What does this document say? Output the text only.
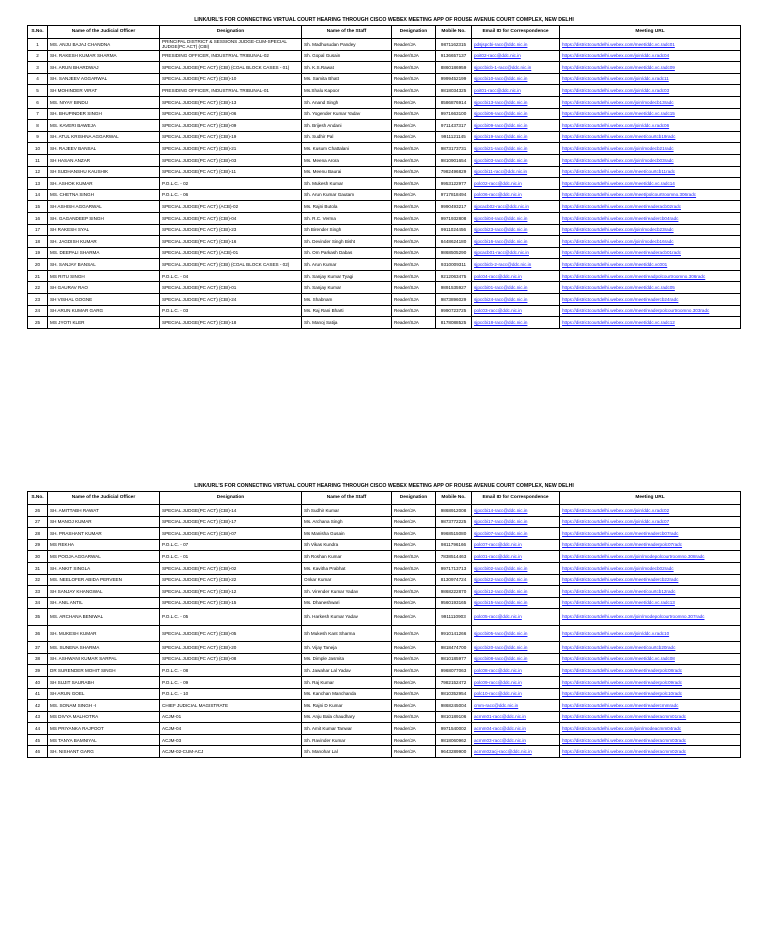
LINK/URL'S FOR CONNECTING VIRTUAL COURT HEARING THROUGH CISCO WEBEX MEETING APP OF ROUSE AVENUE COURT COMPLEX, NEW DELHI
S.No.	Name of the Judicial Officer	Designation	Name of the Staff	Designation	Mobile No.	Email ID for Correspondence	Meeting URL
1	MS. ANJU BAJAJ CHANDNA	PRINCIPAL DISTRICT & SESSIONS JUDGE-CUM-SPECIAL JUDGE(PC ACT) (CBI)	Sh. Madhusudan Pandey	Reader/JA	9871162315	pdsjspcbi-racc@ddc.nic.in	https://districtcourtdelhi.webex.com/meet/ddc.vc.radc01
2	SH. RAKESH KUMAR SHARMA	PRESIDING OFFICER, INDUSTRIAL TRIBUNAL-02	Sh. Gopal Gusain	Reader/SJA	9136657137	poit02-racc@ddc.nic.in	https://districtcourtdelhi.webex.com/join/ddc.v.radc04
3	SH. ARUN BHARDWAJ	SPECIAL JUDGE(PC ACT) (CBI) (COAL BLOCK CASES - 01)	Sh. K.S.Rawat	Reader/SJA	8860186959	sjpccbicb-1-racc@ddc.nic.in	https://districtcourtdelhi.webex.com/meet/ddc.vc.radc09
4	SH. SANJEEV AGGARWAL	SPECIAL JUDGE(PC ACT) (CBI)-10	Ms. Samita Bhatt	Reader/SJA	9999452199	sjpccbi10-racc@ddc.nic.in	https://districtcourtdelhi.webex.com/join/ddc.v.radc11
5	SH MOHINDER VIRAT	PRESIDING OFFICER, INDUSTRIAL TRIBUNAL-01	Ms.Shalu Kapoor	Reader/SJA	9818034325	poit01-racc@ddc.nic.in	https://districtcourtdelhi.webex.com/join/ddc.v.radc03
6	MS. NIYAY BINDU	SPECIAL JUDGE(PC ACT) (CBI)-13	Sh. Anand Singh	Reader/JA	8586876914	sjpccbi13-racc@ddc.nic.in	https://districtcourtdelhi.webex.com/join/modecb13radc
7	SH. BHUPINDER SINGH	SPECIAL JUDGE(PC ACT) (CBI)-06	Sh. Yogender Kumar Yadav	Reader/SJA	9971663100	sjpccbi06-racc@ddc.nic.in	https://districtcourtdelhi.webex.com/meet/ddc.vc.radc15
8	MS. KAVERI BAWEJA	SPECIAL JUDGE(PC ACT) (CBI)-09	Sh. Brijesh Andani	Reader/JA	9711437317	sjpccbi09-racc@ddc.nic.in	https://districtcourtdelhi.webex.com/join/ddc.v.radc06
9	SH. ATUL KRISHNA AGGARWAL	SPECIAL JUDGE(PC ACT) (CBI)-19	Sh. Sudhir Pal	Reader/JA	9911121145	sjpccbi19-racc@ddc.nic.in	https://districtcourtdelhi.webex.com/meet/courtcb19radc
10	SH. RAJEEV BANSAL	SPECIAL JUDGE(PC ACT) (CBI)-21	Ms. Kusum Chattalani	Reader/SJA	9873173731	sjpccbi21-racc@ddc.nic.in	https://districtcourtdelhi.webex.com/join/modecb21radc
11	SH HASAN ANZAR	SPECIAL JUDGE(PC ACT) (CBI)-03	Ms. Meena Arora	Reader/SJA	9810901654	sjpccbi03-racc@ddc.nic.in	https://districtcourtdelhi.webex.com/join/modecb03radc
12	SH SUDHANSHU KAUSHIK	SPECIAL JUDGE(PC ACT) (CBI)-11	Ms. Meenu Baurai	Reader/SJA	7982496829	sjpccbi11-racc@ddc.nic.in	https://districtcourtdelhi.webex.com/meet/courtcb11radc
13	SH. ASHOK KUMAR	P.O.L.C. - 02	Sh. Mukesh Kumar	Reader/SJA	9953122977	polc02-racc@ddc.nic.in	https://districtcourtdelhi.webex.com/meet/ddc.vc.radc14
14	MS. CHETNA SINGH	P.O.L.C. - 06	Sh. Arun Kumar Gautam	Reader/JA	9717818494	polc06-racc@ddc.nic.in	https://districtcourtdelhi.webex.com/meet/polcourtroomno.306radc
15	SH ASHISH AGGARWAL	SPECIAL JUDGE(PC ACT) (ACB)-02	Ms. Rajni Butola	Reader/SJA	9990493217	sjpcacb02-racc@ddc.nic.in	https://districtcourtdelhi.webex.com/meet/readeracb02radc
16	SH. GAGANDEEP SINGH	SPECIAL JUDGE(PC ACT) (CBI)-04	Sh. R.C. Verma	Reader/SJA	9971932808	sjpccbi04-racc@ddc.nic.in	https://districtcourtdelhi.webex.com/meet/readercb04radc
17	SH RAKESH SYAL	SPECIAL JUDGE(PC ACT) (CBI)-23	Sh Birender Singh	Reader/SJA	9911024456	sjpccbi23-racc@ddc.nic.in	https://districtcourtdelhi.webex.com/join/modecb23radc
18	SH. JAGDISH KUMAR	SPECIAL JUDGE(PC ACT) (CBI)-16	Sh. Devinder Singh Bisht	Reader/SJA	8448624180	sjpccbi16-racc@ddc.nic.in	https://districtcourtdelhi.webex.com/join/modecb16radc
19	MS. DEEPALI SHARMA	SPECIAL JUDGE(PC ACT) (ACB)-01	Sh. Om Parkash Dabas	Reader/SJA	9868505290	sjpcacb01-racc@ddc.nic.in	https://districtcourtdelhi.webex.com/meet/readeracb01radc
20	SH. SANJAY BANSAL	SPECIAL JUDGE(PC ACT) (CBI) (COAL BLOCK CASES - 02)	Sh. Arun Kumar	Reader/SJA	9310009311	sjpccbicb-2-racc@ddc.nic.in	https://districtcourtdelhi.webex.com/meet/ddc.vc001
21	MS RITU SINGH	P.O.L.C. - 04	Sh. Sanjay Kumar Tyagi	Reader/SJA	9212063475	polc04-racc@ddc.nic.in	https://districtcourtdelhi.webex.com/meet/readpolcourtroomno.306radc
22	SH GAURAV RAO	SPECIAL JUDGE(PC ACT) (CBI)-01	Sh. Sanjay Kumar	Reader/SJA	9891535927	sjpccbi01-racc@ddc.nic.in	https://districtcourtdelhi.webex.com/meet/ddc.vc.radc05
23	SH VISHAL GOGNE	SPECIAL JUDGE(PC ACT) (CBI)-24	Ms. Shabnam	Reader/SJA	9873896029	sjpccbi24-racc@ddc.nic.in	https://districtcourtdelhi.webex.com/meet/readercb24radc
24	SH ARUN KUMAR GARG	P.O.L.C. - 03	Ms. Raj Rani Bharti	Reader/SJA	9990723725	polc03-racc@ddc.nic.in	https://districtcourtdelhi.webex.com/meet/readerpolcourtroomno.303radc
25	MS JYOTI KLER	SPECIAL JUDGE(PC ACT) (CBI)-18	Sh. Manoj Satija	Reader/SJA	8178088525	sjpccbi18-racc@ddc.nic.in	https://districtcourtdelhi.webex.com/meet/ddc.vc.radc12
LINK/URL'S FOR CONNECTING VIRTUAL COURT HEARING THROUGH CISCO WEBEX MEETING APP OF ROUSE AVENUE COURT COMPLEX, NEW DELHI
S.No.	Name of the Judicial Officer	Designation	Name of the Staff	Designation	Mobile No.	Email ID for Correspondence	Meeting URL
26	SH. AMITTABH RAWAT	SPECIAL JUDGE(PC ACT) (CBI)-14	Sh Sudhir Kumar	Reader/JA	9868912008	sjpccbi14-racc@ddc.nic.in	https://districtcourtdelhi.webex.com/join/ddc.v.radc02
27	SH MANOJ KUMAR	SPECIAL JUDGE(PC ACT) (CBI)-17	Ms. Archana Singh	Reader/JA	9873772225	sjpccbi17-racc@ddc.nic.in	https://districtcourtdelhi.webex.com/join/ddc.v.radc07
28	SH. PRASHANT KUMAR	SPECIAL JUDGE(PC ACT) (CBI)-07	Ms Manisha Gusain	Reader/JA	9968515080	sjpccbi07-racc@ddc.nic.in	https://districtcourtdelhi.webex.com/meet/readercb07radc
29	MS REKHA	P.O.L.C. - 07	Sh Vikas Kundra	Reader/JA	9811796166	polc07-racc@ddc.nic.in	https://districtcourtdelhi.webex.com/meet/readerpolc07radc
30	MS POOJA AGGARWAL	P.O.L.C. - 01	Sh Roshan Kumar	Reader/SJA	7838514463	polc01-racc@ddc.nic.in	https://districtcourtdelhi.webex.com/join/modepolcourtroomno.308radc
31	SH. ANKIT SINGLA	SPECIAL JUDGE(PC ACT) (CBI)-02	Ms. Kavitha Prabhat	Reader/SJA	9971713713	sjpccbi02-racc@ddc.nic.in	https://districtcourtdelhi.webex.com/join/modecb02radc
32	MS. NEELOFER ABIDA PERVEEN	SPECIAL JUDGE(PC ACT) (CBI)-22	Onkar Kumar	Reader/JA	8130974724	sjpccbi22-racc@ddc.nic.in	https://districtcourtdelhi.webex.com/meet/readercb22radc
33	SH SANJAY KHANGWAL	SPECIAL JUDGE(PC ACT) (CBI)-12	Sh. Virender Kumar Yadav	Reader/SJA	9868222870	sjpccbi12-racc@ddc.nic.in	https://districtcourtdelhi.webex.com/meet/courtcb12radc
34	SH. ANIL ANTIL	SPECIAL JUDGE(PC ACT) (CBI)-15	Ms. Dhaneshwari	Reader/JA	9560193165	sjpccbi15-racc@ddc.nic.in	https://districtcourtdelhi.webex.com/meet/ddc.vc.radc13
35	MS. ARCHANA BENIWAL	P.O.L.C. - 05	Sh. Harkesh Kumar Yadav	Reader/JA	9911110903	polc05-racc@ddc.nic.in	https://districtcourtdelhi.webex.com/join/modepolcourtroomno.307radc
36	SH. MUKESH KUMAR	SPECIAL JUDGE(PC ACT) (CBI)-05	Sh Mukesh Kant Sharma	Reader/SJA	9910141266	sjpccbi05-racc@ddc.nic.in	https://districtcourtdelhi.webex.com/join/ddc.v.radc10
37	MS. SUNENA SHARMA	SPECIAL JUDGE(PC ACT) (CBI)-20	Sh. Vijay Taneja	Reader/JA	9818474700	sjpccbi20-racc@ddc.nic.in	https://districtcourtdelhi.webex.com/meet/courtcb20radc
38	SH. ASHWANI KUMAR SARPAL	SPECIAL JUDGE(PC ACT) (CBI)-08	Ms. Dimple Jasmita	Reader/SJA	9810185977	sjpccbi08-racc@ddc.nic.in	https://districtcourtdelhi.webex.com/meet/ddc.vc.radc08
39	DR SURENDER MOHIT SINGH	P.O.L.C. - 08	Sh. Jawahar Lal Yadav	Reader/SJA	9968077063	polc08-racc@ddc.nic.in	https://districtcourtdelhi.webex.com/meet/readerpolc08radc
40	SH SUJIT SAURABH	P.O.L.C. - 09	Sh. Raj Kumar	Reader/JA	7982152472	polc09-racc@ddc.nic.in	https://districtcourtdelhi.webex.com/meet/readerpolc09radc
41	SH ARUN GOEL	P.O.L.C. - 10	Ms. Kanchan Manchanda	Reader/SJA	9810352954	polc10-racc@ddc.nic.in	https://districtcourtdelhi.webex.com/meet/readerpolc10radc
42	MS. SONAM SINGH -I	CHIEF JUDICIAL MAGISTRATE	Ms. Rajni D Kumar	Reader/JA	9868245004	cmm-racc@ddc.nic.in	https://districtcourtdelhi.webex.com/meet/readercmmradc
43	MS DIVYA MALHOTRA	ACJM-01	Ms. Anju Bala chaudhary	Reader/SJA	9810189106	acmm01-racc@ddc.nic.in	https://districtcourtdelhi.webex.com/meet/readeracmm01radc
44	MS PRIYANKA RAJPOOT	ACJM-04	Sh. Amit Kumar Tanwar	Reader/JA	9971540002	acmm04-racc@ddc.nic.in	https://districtcourtdelhi.webex.com/join/modeacmm04radc
45	MS TANYA BAMNIYAL	ACJM-03	Sh. Ravinder Kumar	Reader/JA	9818060962	acmm03-racc@ddc.nic.in	https://districtcourtdelhi.webex.com/meet/readeracmm03radc
46	SH. NISHANT GARG	ACJM-02-CUM-ACJ	Sh. Manohar Lal	Reader/JA	9643289900	acmm02acj-racc@ddc.nic.in	https://districtcourtdelhi.webex.com/meet/readeracmm02radc
